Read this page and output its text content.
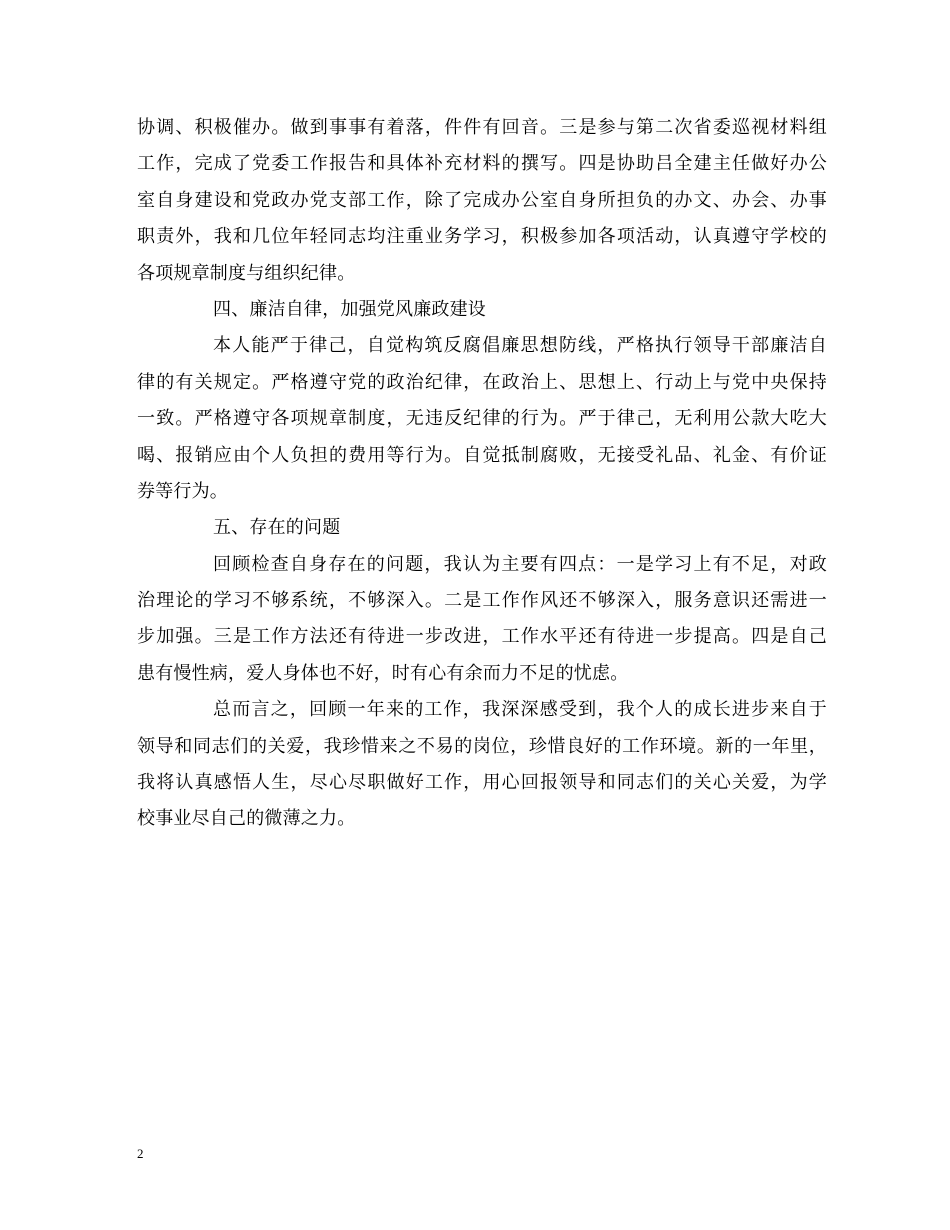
协调、积极催办。做到事事有着落，件件有回音。三是参与第二次省委巡视材料组
工作，完成了党委工作报告和具体补充材料的撰写。四是协助吕全建主任做好办公
室自身建设和党政办党支部工作，除了完成办公室自身所担负的办文、办会、办事
职责外，我和几位年轻同志均注重业务学习，积极参加各项活动，认真遵守学校的
各项规章制度与组织纪律。
四、廉洁自律，加强党风廉政建设
本人能严于律己，自觉构筑反腐倡廉思想防线，严格执行领导干部廉洁自
律的有关规定。严格遵守党的政治纪律，在政治上、思想上、行动上与党中央保持
一致。严格遵守各项规章制度，无违反纪律的行为。严于律己，无利用公款大吃大
喝、报销应由个人负担的费用等行为。自觉抵制腐败，无接受礼品、礼金、有价证
券等行为。
五、存在的问题
回顾检查自身存在的问题，我认为主要有四点：一是学习上有不足，对政
治理论的学习不够系统，不够深入。二是工作作风还不够深入，服务意识还需进一
步加强。三是工作方法还有待进一步改进，工作水平还有待进一步提高。四是自己
患有慢性病，爱人身体也不好，时有心有余而力不足的忧虑。
总而言之，回顾一年来的工作，我深深感受到，我个人的成长进步来自于
领导和同志们的关爱，我珍惜来之不易的岗位，珍惜良好的工作环境。新的一年里，
我将认真感悟人生，尽心尽职做好工作，用心回报领导和同志们的关心关爱，为学
校事业尽自己的微薄之力。
2
